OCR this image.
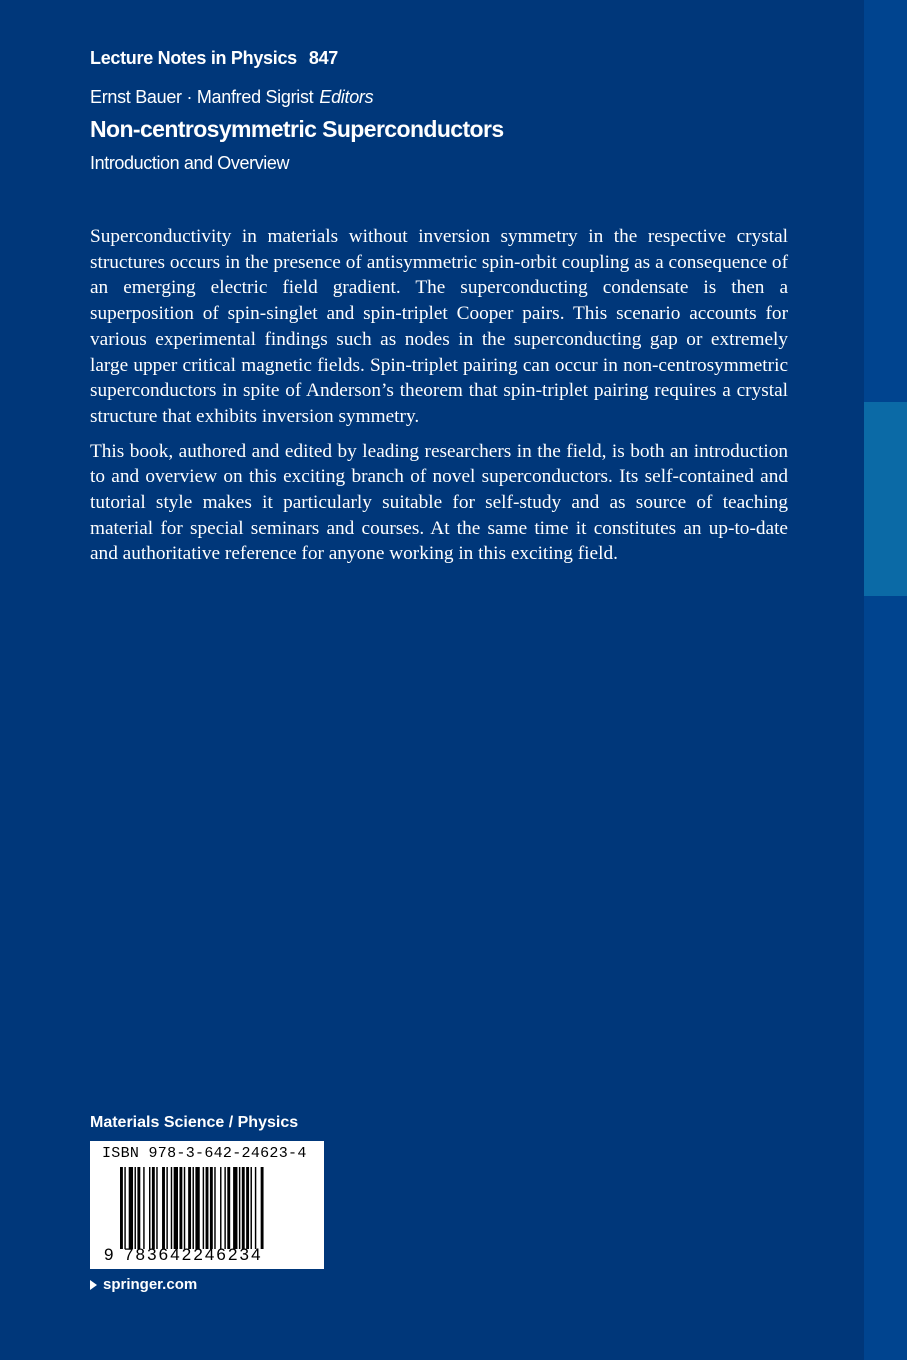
Lecture Notes in Physics 847
Ernst Bauer · Manfred Sigrist Editors
Non-centrosymmetric Superconductors
Introduction and Overview

Superconductivity in materials without inversion symmetry in the respective crystal structures occurs in the presence of antisymmetric spin-orbit coupling as a consequence of an emerging electric field gradient. The superconducting condensate is then a superposition of spin-singlet and spin-triplet Cooper pairs. This scenario accounts for various experimental findings such as nodes in the superconducting gap or extremely large upper critical magnetic fields. Spin-triplet pairing can occur in non-centrosymmetric superconductors in spite of Anderson’s theorem that spin-triplet pairing requires a crystal structure that exhibits inversion symmetry.

This book, authored and edited by leading researchers in the field, is both an introduction to and overview on this exciting branch of novel superconductors. Its self-contained and tutorial style makes it particularly suitable for self-study and as source of teaching material for special seminars and courses. At the same time it constitutes an up-to-date and authoritative reference for anyone working in this exciting field.

Materials Science / Physics
ISBN 978-3-642-24623-4
9 783642246234
springer.com
